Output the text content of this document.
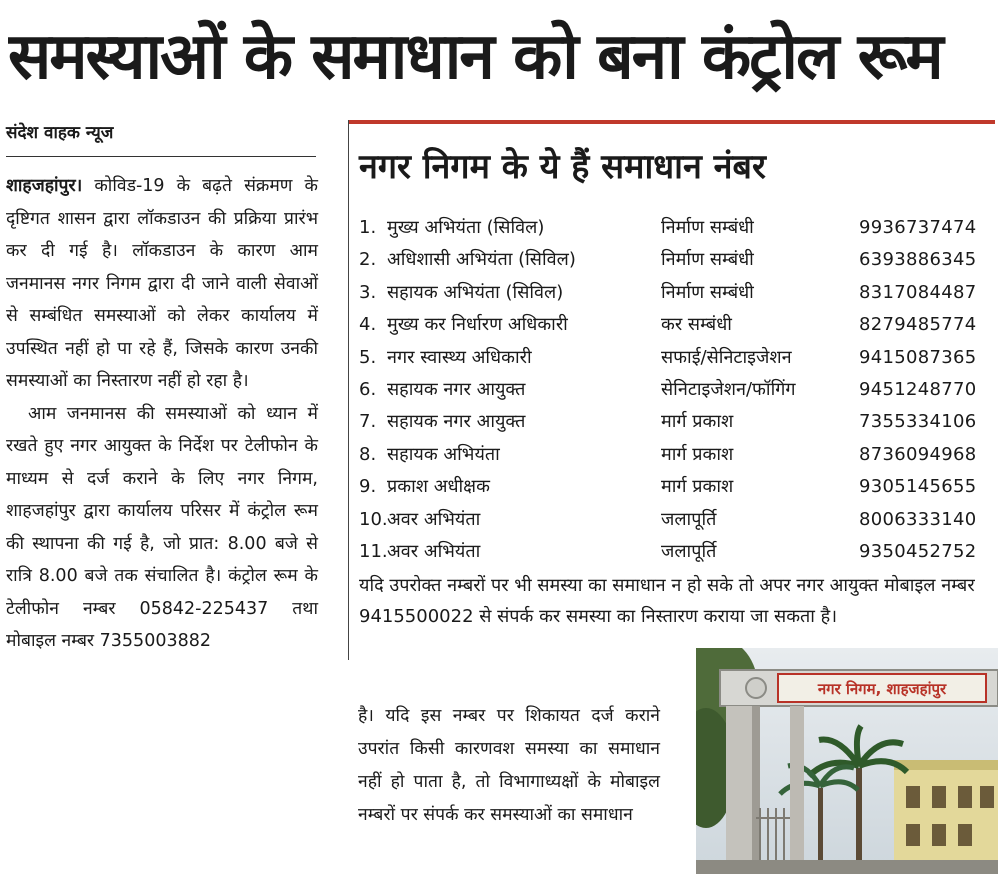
समस्याओं के समाधान को बना कंट्रोल रूम
संदेश वाहक न्यूज

शाहजहांपुर। कोविड-19 के बढ़ते संक्रमण के दृष्टिगत शासन द्वारा लॉकडाउन की प्रक्रिया प्रारंभ कर दी गई है। लॉकडाउन के कारण आम जनमानस नगर निगम द्वारा दी जाने वाली सेवाओं से सम्बंधित समस्याओं को लेकर कार्यालय में उपस्थित नहीं हो पा रहे हैं, जिसके कारण उनकी समस्याओं का निस्तारण नहीं हो रहा है।

आम जनमानस की समस्याओं को ध्यान में रखते हुए नगर आयुक्त के निर्देश पर टेलीफोन के माध्यम से दर्ज कराने के लिए नगर निगम, शाहजहांपुर द्वारा कार्यालय परिसर में कंट्रोल रूम की स्थापना की गई है, जो प्रात: 8.00 बजे से रात्रि 8.00 बजे तक संचालित है। कंट्रोल रूम के टेलीफोन नम्बर 05842-225437 तथा मोबाइल नम्बर 7355003882

नगर निगम के ये हैं समाधान नंबर
1. मुख्य अभियंता (सिविल)	निर्माण सम्बंधी	9936737474
2. अधिशासी अभियंता (सिविल)	निर्माण सम्बंधी	6393886345
3. सहायक अभियंता (सिविल)	निर्माण सम्बंधी	8317084487
4. मुख्य कर निर्धारण अधिकारी	कर सम्बंधी	8279485774
5. नगर स्वास्थ्य अधिकारी	सफाई/सेनिटाइजेशन	9415087365
6. सहायक नगर आयुक्त	सेनिटाइजेशन/फॉगिंग	9451248770
7. सहायक नगर आयुक्त	मार्ग प्रकाश	7355334106
8. सहायक अभियंता	मार्ग प्रकाश	8736094968
9. प्रकाश अधीक्षक	मार्ग प्रकाश	9305145655
10. अवर अभियंता	जलापूर्ति	8006333140
11. अवर अभियंता	जलापूर्ति	9350452752
यदि उपरोक्त नम्बरों पर भी समस्या का समाधान न हो सके तो अपर नगर आयुक्त मोबाइल नम्बर 9415500022 से संपर्क कर समस्या का निस्तारण कराया जा सकता है।

है। यदि इस नम्बर पर शिकायत दर्ज कराने उपरांत किसी कारणवश समस्या का समाधान नहीं हो पाता है, तो विभागाध्यक्षों के मोबाइल नम्बरों पर संपर्क कर समस्याओं का समाधान

नगर निगम, शाहजहांपुर
